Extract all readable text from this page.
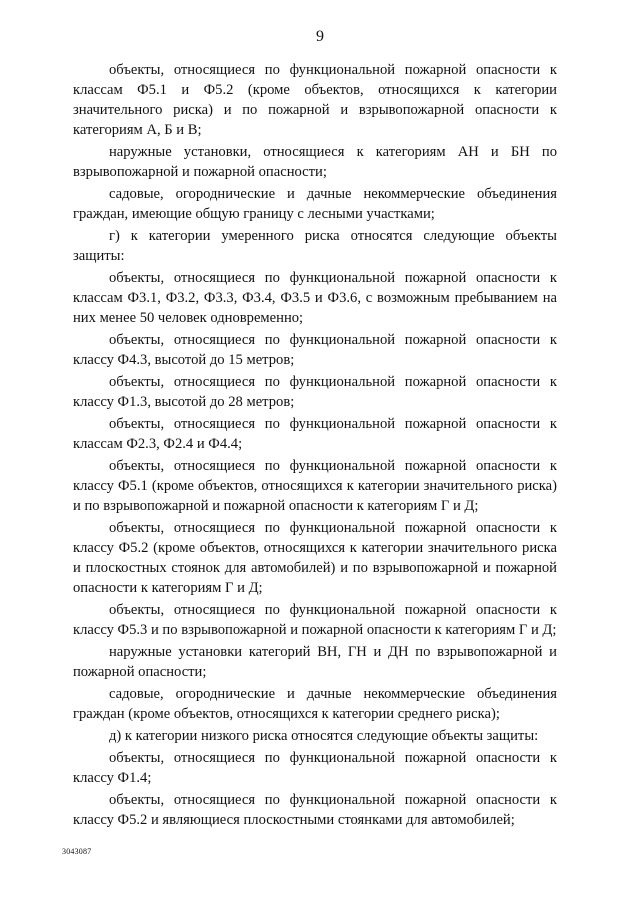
9

объекты, относящиеся по функциональной пожарной опасности к классам Ф5.1 и Ф5.2 (кроме объектов, относящихся к категории значительного риска) и по пожарной и взрывопожарной опасности к категориям А, Б и В;

наружные установки, относящиеся к категориям АН и БН по взрывопожарной и пожарной опасности;

садовые, огороднические и дачные некоммерческие объединения граждан, имеющие общую границу с лесными участками;

г) к категории умеренного риска относятся следующие объекты защиты:

объекты, относящиеся по функциональной пожарной опасности к классам Ф3.1, Ф3.2, Ф3.3, Ф3.4, Ф3.5 и Ф3.6, с возможным пребыванием на них менее 50 человек одновременно;

объекты, относящиеся по функциональной пожарной опасности к классу Ф4.3, высотой до 15 метров;

объекты, относящиеся по функциональной пожарной опасности к классу Ф1.3, высотой до 28 метров;

объекты, относящиеся по функциональной пожарной опасности к классам Ф2.3, Ф2.4 и Ф4.4;

объекты, относящиеся по функциональной пожарной опасности к классу Ф5.1 (кроме объектов, относящихся к категории значительного риска) и по взрывопожарной и пожарной опасности к категориям Г и Д;

объекты, относящиеся по функциональной пожарной опасности к классу Ф5.2 (кроме объектов, относящихся к категории значительного риска и плоскостных стоянок для автомобилей) и по взрывопожарной и пожарной опасности к категориям Г и Д;

объекты, относящиеся по функциональной пожарной опасности к классу Ф5.3 и по взрывопожарной и пожарной опасности к категориям Г и Д;

наружные установки категорий ВН, ГН и ДН по взрывопожарной и пожарной опасности;

садовые, огороднические и дачные некоммерческие объединения граждан (кроме объектов, относящихся к категории среднего риска);

д) к категории низкого риска относятся следующие объекты защиты:

объекты, относящиеся по функциональной пожарной опасности к классу Ф1.4;

объекты, относящиеся по функциональной пожарной опасности к классу Ф5.2 и являющиеся плоскостными стоянками для автомобилей;

3043087
